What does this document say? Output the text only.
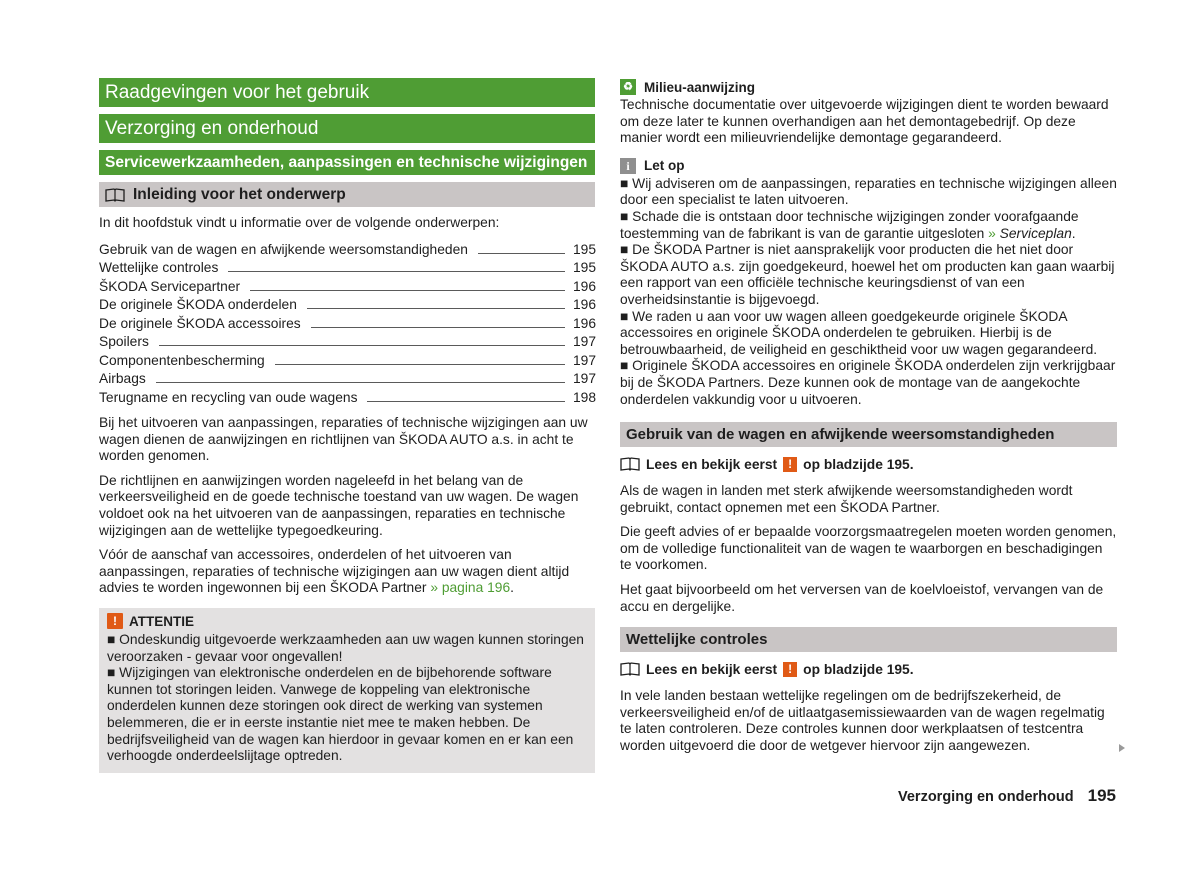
Raadgevingen voor het gebruik
Verzorging en onderhoud
Servicewerkzaamheden, aanpassingen en technische wijzigingen
Inleiding voor het onderwerp
In dit hoofdstuk vindt u informatie over de volgende onderwerpen:
Gebruik van de wagen en afwijkende weersomstandigheden	195
Wettelijke controles	195
ŠKODA Servicepartner	196
De originele ŠKODA onderdelen	196
De originele ŠKODA accessoires	196
Spoilers	197
Componentenbescherming	197
Airbags	197
Terugname en recycling van oude wagens	198
Bij het uitvoeren van aanpassingen, reparaties of technische wijzigingen aan uw wagen dienen de aanwijzingen en richtlijnen van ŠKODA AUTO a.s. in acht te worden genomen.
De richtlijnen en aanwijzingen worden nageleefd in het belang van de verkeersveiligheid en de goede technische toestand van uw wagen. De wagen voldoet ook na het uitvoeren van de aanpassingen, reparaties en technische wijzigingen aan de wettelijke typegoedkeuring.
Vóór de aanschaf van accessoires, onderdelen of het uitvoeren van aanpassingen, reparaties of technische wijzigingen aan uw wagen dient altijd advies te worden ingewonnen bij een ŠKODA Partner » pagina 196.
! ATTENTIE
■ Ondeskundig uitgevoerde werkzaamheden aan uw wagen kunnen storingen veroorzaken - gevaar voor ongevallen!
■ Wijzigingen van elektronische onderdelen en de bijbehorende software kunnen tot storingen leiden. Vanwege de koppeling van elektronische onderdelen kunnen deze storingen ook direct de werking van systemen belemmeren, die er in eerste instantie niet mee te maken hebben. De bedrijfsveiligheid van de wagen kan hierdoor in gevaar komen en er kan een verhoogde onderdeelslijtage optreden.
♻ Milieu-aanwijzing
Technische documentatie over uitgevoerde wijzigingen dient te worden bewaard om deze later te kunnen overhandigen aan het demontagebedrijf. Op deze manier wordt een milieuvriendelijke demontage gegarandeerd.
i	Let op
■ Wij adviseren om de aanpassingen, reparaties en technische wijzigingen alleen door een specialist te laten uitvoeren.
■ Schade die is ontstaan door technische wijzigingen zonder voorafgaande toestemming van de fabrikant is van de garantie uitgesloten » Serviceplan.
■ De ŠKODA Partner is niet aansprakelijk voor producten die het niet door ŠKODA AUTO a.s. zijn goedgekeurd, hoewel het om producten kan gaan waarbij een rapport van een officiële technische keuringsdienst of van een overheidsinstantie is bijgevoegd.
■ We raden u aan voor uw wagen alleen goedgekeurde originele ŠKODA accessoires en originele ŠKODA onderdelen te gebruiken. Hierbij is de betrouwbaarheid, de veiligheid en geschiktheid voor uw wagen gegarandeerd.
■ Originele ŠKODA accessoires en originele ŠKODA onderdelen zijn verkrijgbaar bij de ŠKODA Partners. Deze kunnen ook de montage van de aangekochte onderdelen vakkundig voor u uitvoeren.
Gebruik van de wagen en afwijkende weersomstandigheden
Lees en bekijk eerst ! op bladzijde 195.
Als de wagen in landen met sterk afwijkende weersomstandigheden wordt gebruikt, contact opnemen met een ŠKODA Partner.
Die geeft advies of er bepaalde voorzorgsmaatregelen moeten worden genomen, om de volledige functionaliteit van de wagen te waarborgen en beschadigingen te voorkomen.
Het gaat bijvoorbeeld om het verversen van de koelvloeistof, vervangen van de accu en dergelijke.
Wettelijke controles
Lees en bekijk eerst ! op bladzijde 195.
In vele landen bestaan wettelijke regelingen om de bedrijfszekerheid, de verkeersveiligheid en/of de uitlaatgasemissiewaarden van de wagen regelmatig te laten controleren. Deze controles kunnen door werkplaatsen of testcentra worden uitgevoerd die door de wetgever hiervoor zijn aangewezen.
Verzorging en onderhoud 195
